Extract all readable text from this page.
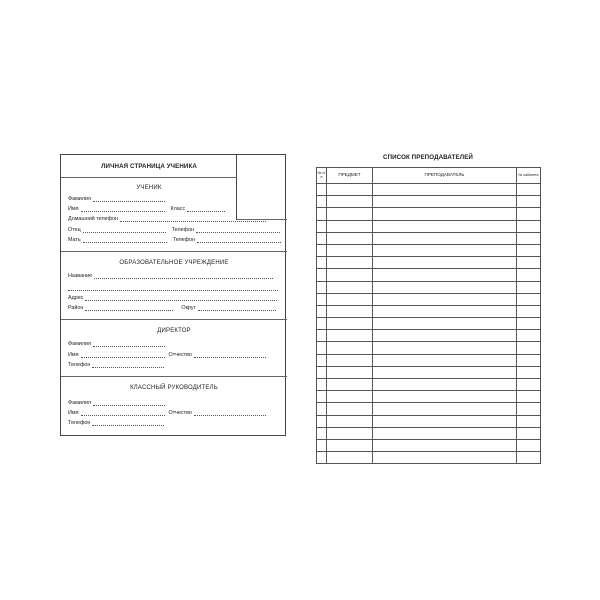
ЛИЧНАЯ СТРАНИЦА УЧЕНИКА
УЧЕНИК
Фамилия
Имя	Класс
Домашний телефон
Отец	Телефон
Мать	Телефон
ОБРАЗОВАТЕЛЬНОЕ УЧРЕЖДЕНИЕ
Название
Адрес
Район	Округ
ДИРЕКТОР
Фамилия
Имя	Отчество
Телефон
КЛАССНЫЙ РУКОВОДИТЕЛЬ
Фамилия
Имя	Отчество
Телефон
СПИСОК ПРЕПОДАВАТЕЛЕЙ
№ п/п	ПРЕДМЕТ	ПРЕПОДАВАТЕЛЬ	№ кабинета
